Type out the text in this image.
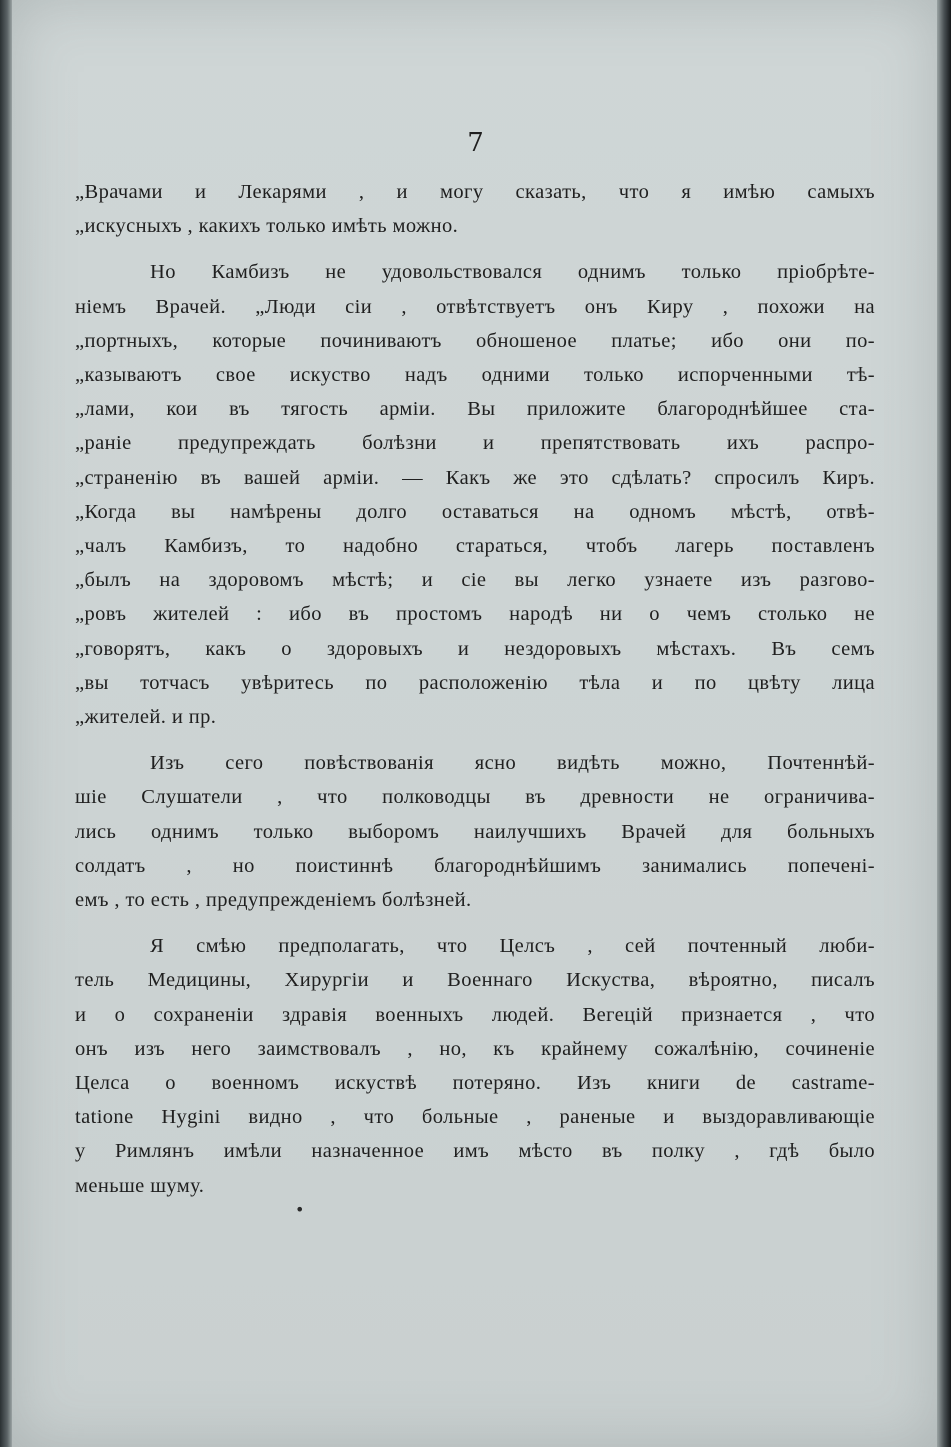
7
„Врачами и Лекарями , и могу сказать, что я имѣю самыхъ
„искусныхъ , какихъ только имѣть можно.
Но Камбизъ не удовольствовался однимъ только пріобрѣте-
ніемъ Врачей. „Люди сіи , отвѣтствуетъ онъ Киру , похожи на
„портныхъ, которые починиваютъ обношеное платье; ибо они по-
„казываютъ свое искуство надъ одними только испорченными тѣ-
„лами, кои въ тягость арміи. Вы приложите благороднѣйшее ста-
„раніе предупреждать болѣзни и препятствовать ихъ распро-
„страненію въ вашей арміи. — Какъ же это сдѣлать? спросилъ Киръ.
„Когда вы намѣрены долго оставаться на одномъ мѣстѣ, отвѣ-
„чалъ Камбизъ, то надобно стараться, чтобъ лагерь поставленъ
„былъ на здоровомъ мѣстѣ; и сіе вы легко узнаете изъ разгово-
„ровъ жителей : ибо въ простомъ народѣ ни о чемъ столько не
„говорятъ, какъ о здоровыхъ и нездоровыхъ мѣстахъ. Въ семъ
„вы тотчасъ увѣритесь по расположенію тѣла и по цвѣту лица
„жителей. и пр.
Изъ сего повѣствованія ясно видѣть можно, Почтеннѣй-
шіе Слушатели , что полководцы въ древности не ограничива-
лись однимъ только выборомъ наилучшихъ Врачей для больныхъ
солдатъ , но поистиннѣ благороднѣйшимъ занимались попеченi-
емъ , то есть , предупрежденіемъ болѣзней.
Я смѣю предполагать, что Целсъ , сей почтенный люби-
тель Медицины, Хирургіи и Военнаго Искуства, вѣроятно, писалъ
и о сохраненіи здравія военныхъ людей. Вегецій признается , что
онъ изъ него заимствовалъ , но, къ крайнему сожалѣнію, сочиненіе
Целса о военномъ искуствѣ потеряно. Изъ книги de castrame-
tatione Hygini видно , что больные , раненые и выздоравливающіе
у Римлянъ имѣли назначенное имъ мѣсто въ полку , гдѣ было
меньше шуму.
•
